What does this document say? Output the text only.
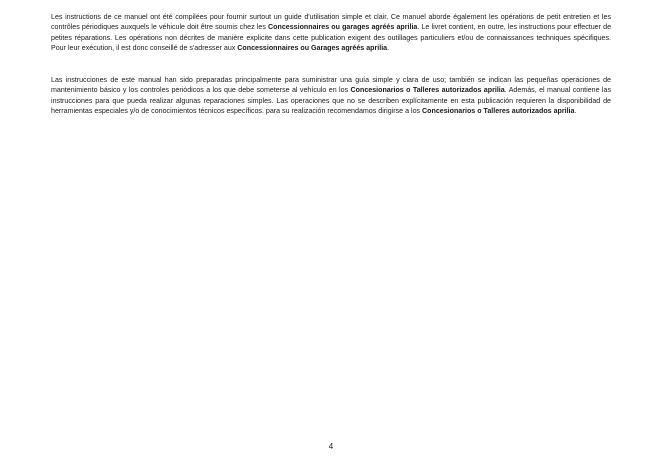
Les instructions de ce manuel ont été compilées pour fournir surtout un guide d'utilisation simple et clair. Ce manuel aborde également les opérations de petit entretien et les contrôles périodiques auxquels le véhicule doit être soumis chez les Concessionnaires ou garages agréés aprilia. Le livret contient, en outre, les instructions pour effectuer de petites réparations. Les opérations non décrites de manière explicite dans cette publication exigent des outillages particuliers et/ou de connaissances techniques spécifiques. Pour leur exécution, il est donc conseillé de s'adresser aux Concessionnaires ou Garages agréés aprilia.

Las instrucciones de este manual han sido preparadas principalmente para suministrar una guía simple y clara de uso; también se indican las pequeñas operaciones de mantenimiento básico y los controles periódicos a los que debe someterse al vehículo en los Concesionarios o Talleres autorizados aprilia. Además, el manual contiene las instrucciones para que pueda realizar algunas reparaciones simples. Las operaciones que no se describen explícitamente en esta publicación requieren la disponibilidad de herramientas especiales y/o de conocimientos técnicos específicos. para su realización recomendamos dirigirse a los Concesionarios o Talleres autorizados aprilia.

4
